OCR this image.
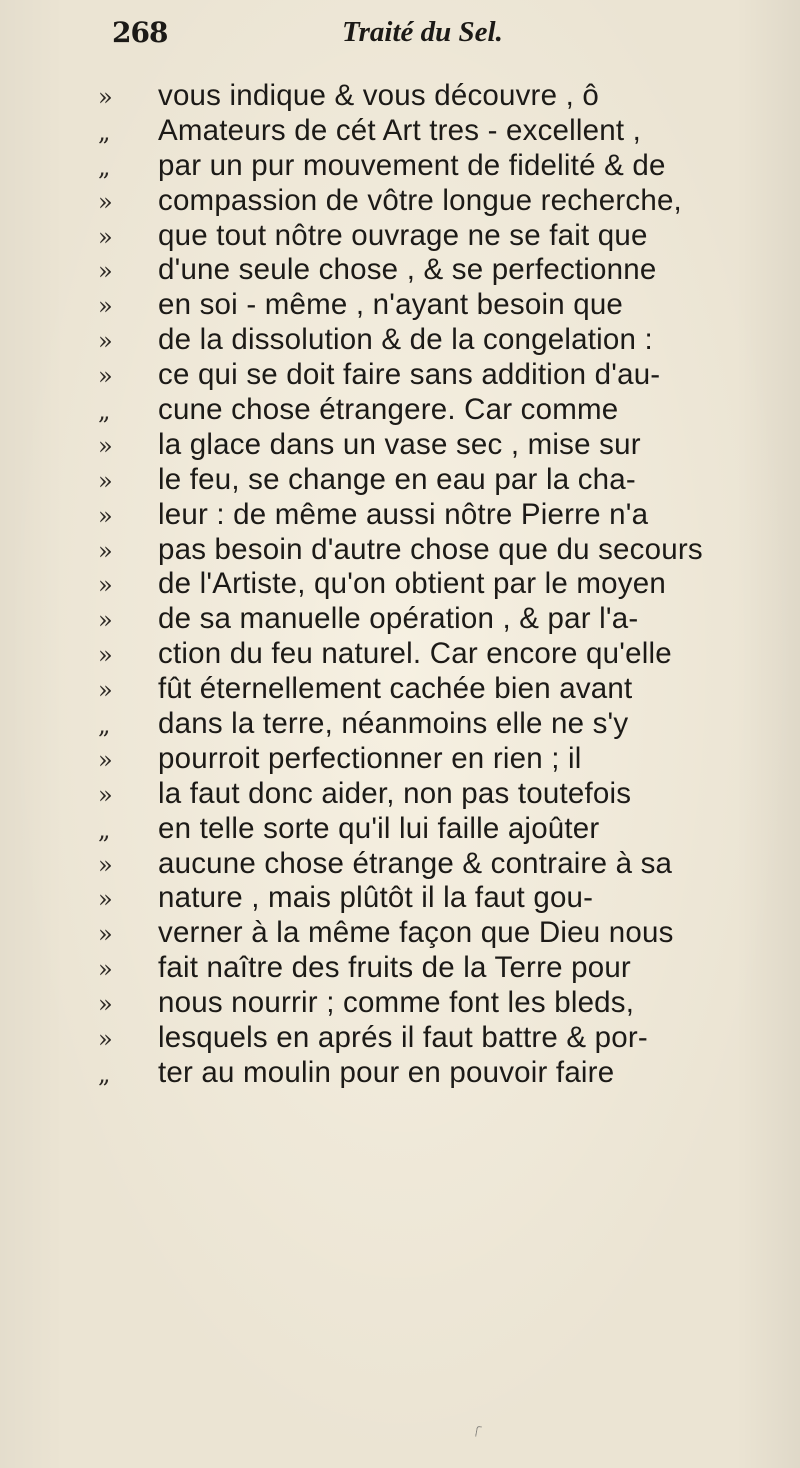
268	Traité du Sel.
» vous indique & vous découvre , ô
„ Amateurs de cét Art tres - excellent ,
„ par un pur mouvement de fidelité & de
» compassion de vôtre longue recherche,
» que tout nôtre ouvrage ne se fait que
» d'une seule chose , & se perfectionne
» en soi - même , n'ayant besoin que
» de la dissolution & de la congelation :
» ce qui se doit faire sans addition d'au-
„ cune chose étrangere. Car comme
» la glace dans un vase sec , mise sur
» le feu, se change en eau par la cha-
» leur : de même aussi nôtre Pierre n'a
» pas besoin d'autre chose que du secours
» de l'Artiste, qu'on obtient par le moyen
» de sa manuelle opération , & par l'a-
» ction du feu naturel. Car encore qu'elle
» fût éternellement cachée bien avant
„ dans la terre, néanmoins elle ne s'y
» pourroit perfectionner en rien ; il
» la faut donc aider, non pas toutefois
„ en telle sorte qu'il lui faille ajoûter
» aucune chose étrange & contraire à sa
» nature , mais plûtôt il la faut gou-
» verner à la même façon que Dieu nous
» fait naître des fruits de la Terre pour
» nous nourrir ; comme font les bleds,
» lesquels en aprés il faut battre & por-
„ ter au moulin pour en pouvoir faire
